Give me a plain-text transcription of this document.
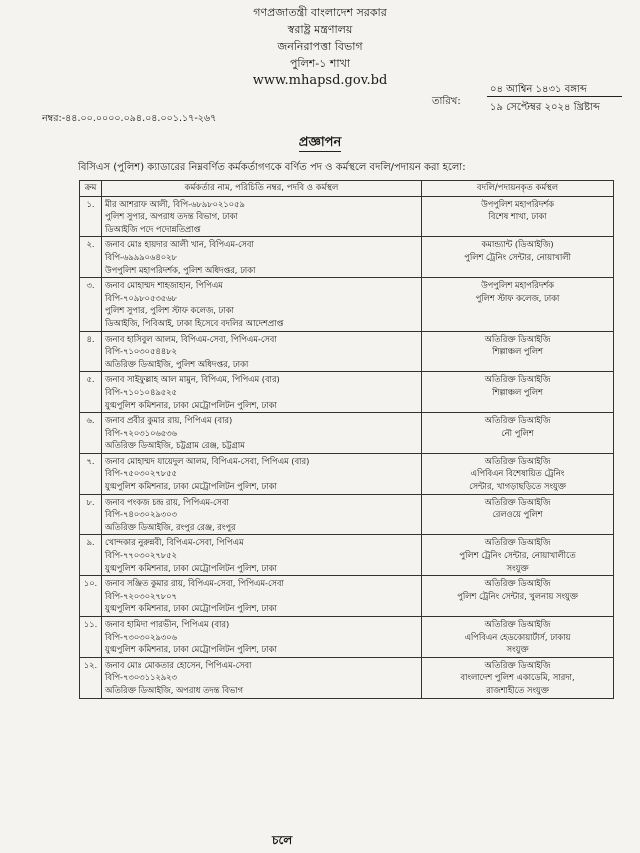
গণপ্রজাতন্ত্রী বাংলাদেশ সরকার
স্বরাষ্ট্র মন্ত্রণালয়
জননিরাপত্তা বিভাগ
পুলিশ-১ শাখা
www.mhapsd.gov.bd
তারিখ:
০৪ আশ্বিন ১৪৩১ বঙ্গাব্দ
১৯ সেপ্টেম্বর ২০২৪ খ্রিষ্টাব্দ
নম্বর:-৪৪.০০.০০০০.০৯৪.০৪.০০১.১৭-২৬৭
প্রজ্ঞাপন
বিসিএস (পুলিশ) ক্যাডারের নিম্নবর্ণিত কর্মকর্তাগণকে বর্ণিত পদ ও কর্মস্থলে বদলি/পদায়ন করা হলো:
ক্রম	কর্মকর্তার নাম, পরিচিতি নম্বর, পদবি ও কর্মস্থল	বদলি/পদায়নকৃত কর্মস্থল
১.	মীর আশরাফ আলী, বিপি-৬৮৯৮০২১০৫৯
পুলিশ সুপার, অপরাধ তদন্ত বিভাগ, ঢাকা
ডিআইজি পদে পদোন্নতিপ্রাপ্ত	উপপুলিশ মহাপরিদর্শক
বিশেষ শাখা, ঢাকা

২.	জনাব মোঃ হায়দার আলী খান, বিপিএম-সেবা
বিপি-৬৯৯৯০৬৪০২৮
উপপুলিশ মহাপরিদর্শক, পুলিশ অধিদপ্তর, ঢাকা	কমান্ড্যান্ট (ডিআইজি)
পুলিশ ট্রেনিং সেন্টার, নোয়াখালী

৩.	জনাব মোহাম্মদ শাহজাহান, পিপিএম
বিপি-৭০৯৮০৫৩৫৬৮
পুলিশ সুপার, পুলিশ স্টাফ কলেজ, ঢাকা
ডিআইজি, পিবিআই, ঢাকা হিসেবে বদলির আদেশপ্রাপ্ত	উপপুলিশ মহাপরিদর্শক
পুলিশ স্টাফ কলেজ, ঢাকা

৪.	জনাব হাসিবুল আলম, বিপিএম-সেবা, পিপিএম-সেবা
বিপি-৭১০৩০৫৪৪৮২
অতিরিক্ত ডিআইজি, পুলিশ অধিদপ্তর, ঢাকা	অতিরিক্ত ডিআইজি
শিল্পাঞ্চল পুলিশ

৫.	জনাব সাইফুল্লাহ আল মামুন, বিপিএম, পিপিএম (বার)
বিপি-৭১০১০৪৯৫২৫
যুগ্মপুলিশ কমিশনার, ঢাকা মেট্রোপলিটন পুলিশ, ঢাকা	অতিরিক্ত ডিআইজি
শিল্পাঞ্চল পুলিশ

৬.	জনাব প্রবীর কুমার রায়, পিপিএম (বার)
বিপি-৭২০৩১০৬৫৩৬
অতিরিক্ত ডিআইজি, চট্টগ্রাম রেঞ্জ, চট্টগ্রাম	অতিরিক্ত ডিআইজি
নৌ পুলিশ

৭.	জনাব মোহাম্মদ যায়েদুল আলম, বিপিএম-সেবা, পিপিএম (বার)
বিপি-৭৫০৩০২৭৮৫৫
যুগ্মপুলিশ কমিশনার, ঢাকা মেট্রোপলিটন পুলিশ, ঢাকা	অতিরিক্ত ডিআইজি
এপিবিএন বিশেষায়িত ট্রেনিং
সেন্টার, খাগড়াছড়িতে সংযুক্ত

৮.	জনাব পংকজ চন্দ্র রায়, পিপিএম-সেবা
বিপি-৭৪০৩০২৯৩০৩
অতিরিক্ত ডিআইজি, রংপুর রেঞ্জ, রংপুর	অতিরিক্ত ডিআইজি
রেলওয়ে পুলিশ

৯.	খোন্দকার নুরুন্নবী, বিপিএম-সেবা, পিপিএম
বিপি-৭৭০৩০২৭৮৫২
যুগ্মপুলিশ কমিশনার, ঢাকা মেট্রোপলিটন পুলিশ, ঢাকা	অতিরিক্ত ডিআইজি
পুলিশ ট্রেনিং সেন্টার, নোয়াখালীতে
সংযুক্ত

১০.	জনাব সঞ্জিত কুমার রায়, বিপিএম-সেবা, পিপিএম-সেবা
বিপি-৭২০৩০২৭৮০৭
যুগ্মপুলিশ কমিশনার, ঢাকা মেট্রোপলিটন পুলিশ, ঢাকা	অতিরিক্ত ডিআইজি
পুলিশ ট্রেনিং সেন্টার, খুলনায় সংযুক্ত

১১.	জনাব হামিদা পারভীন, পিপিএম (বার)
বিপি-৭৩০৩০২৯৩০৬
যুগ্মপুলিশ কমিশনার, ঢাকা মেট্রোপলিটন পুলিশ, ঢাকা	অতিরিক্ত ডিআইজি
এপিবিএন হেডকোয়ার্টার্স, ঢাকায়
সংযুক্ত

১২.	জনাব মোঃ মোকতার হোসেন, পিপিএম-সেবা
বিপি-৭৩০৩১১২৯২৩
অতিরিক্ত ডিআইজি, অপরাধ তদন্ত বিভাগ	অতিরিক্ত ডিআইজি
বাংলাদেশ পুলিশ একাডেমি, সারদা,
রাজশাহীতে সংযুক্ত
চলে
